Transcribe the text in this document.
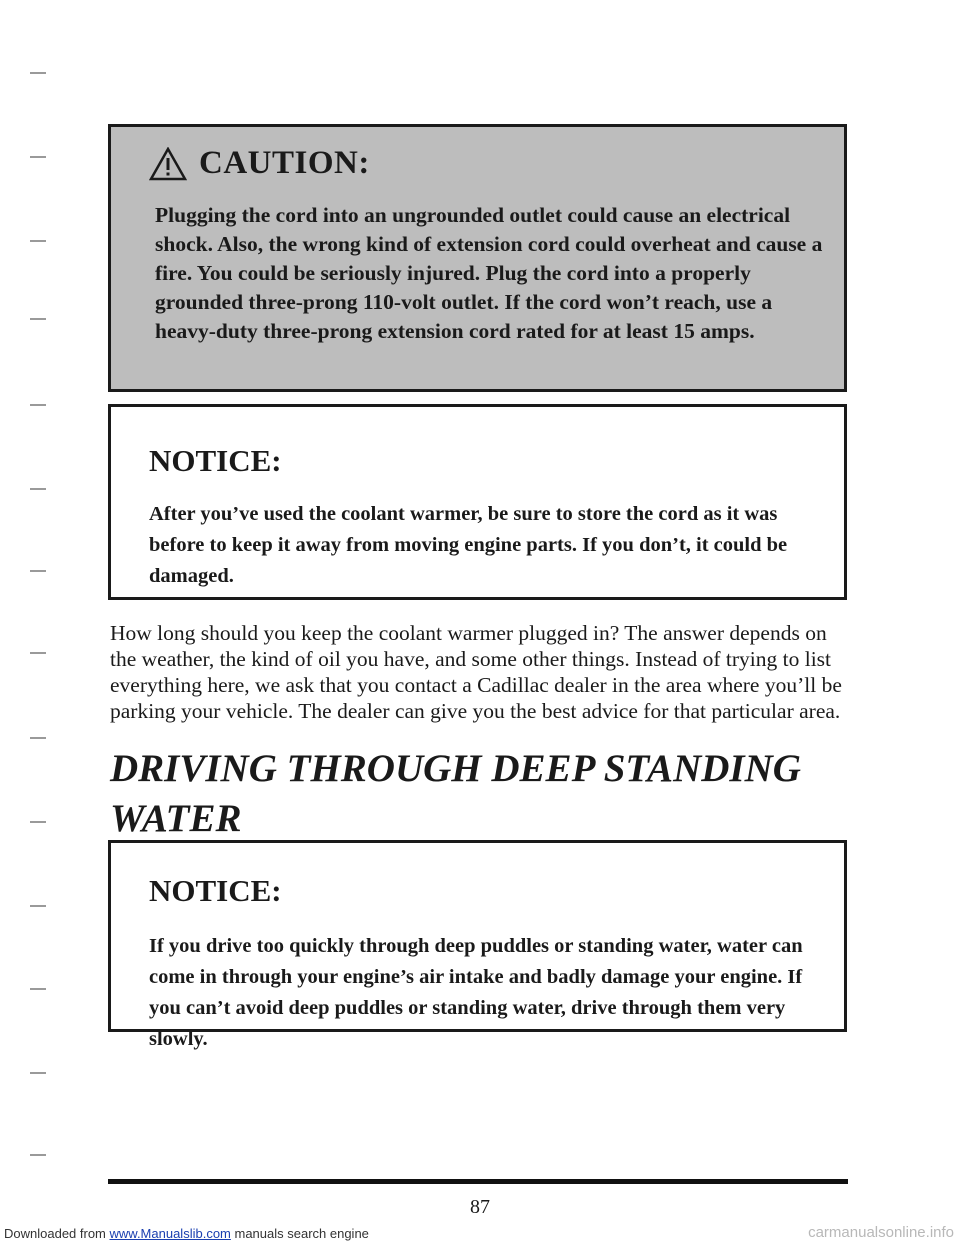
CAUTION:
Plugging the cord into an ungrounded outlet could cause an electrical shock. Also, the wrong kind of extension cord could overheat and cause a fire. You could be seriously injured. Plug the cord into a properly grounded three-prong 110-volt outlet. If the cord won’t reach, use a heavy-duty three-prong extension cord rated for at least 15 amps.
NOTICE:
After you’ve used the coolant warmer, be sure to store the cord as it was before to keep it away from moving engine parts. If you don’t, it could be damaged.
How long should you keep the coolant warmer plugged in? The answer depends on the weather, the kind of oil you have, and some other things. Instead of trying to list everything here, we ask that you contact a Cadillac dealer in the area where you’ll be parking your vehicle. The dealer can give you the best advice for that particular area.
DRIVING THROUGH DEEP STANDING WATER
NOTICE:
If you drive too quickly through deep puddles or standing water, water can come in through your engine’s air intake and badly damage your engine. If you can’t avoid deep puddles or standing water, drive through them very slowly.
87
Downloaded from www.Manualslib.com manuals search engine	carmanualsonline.info
